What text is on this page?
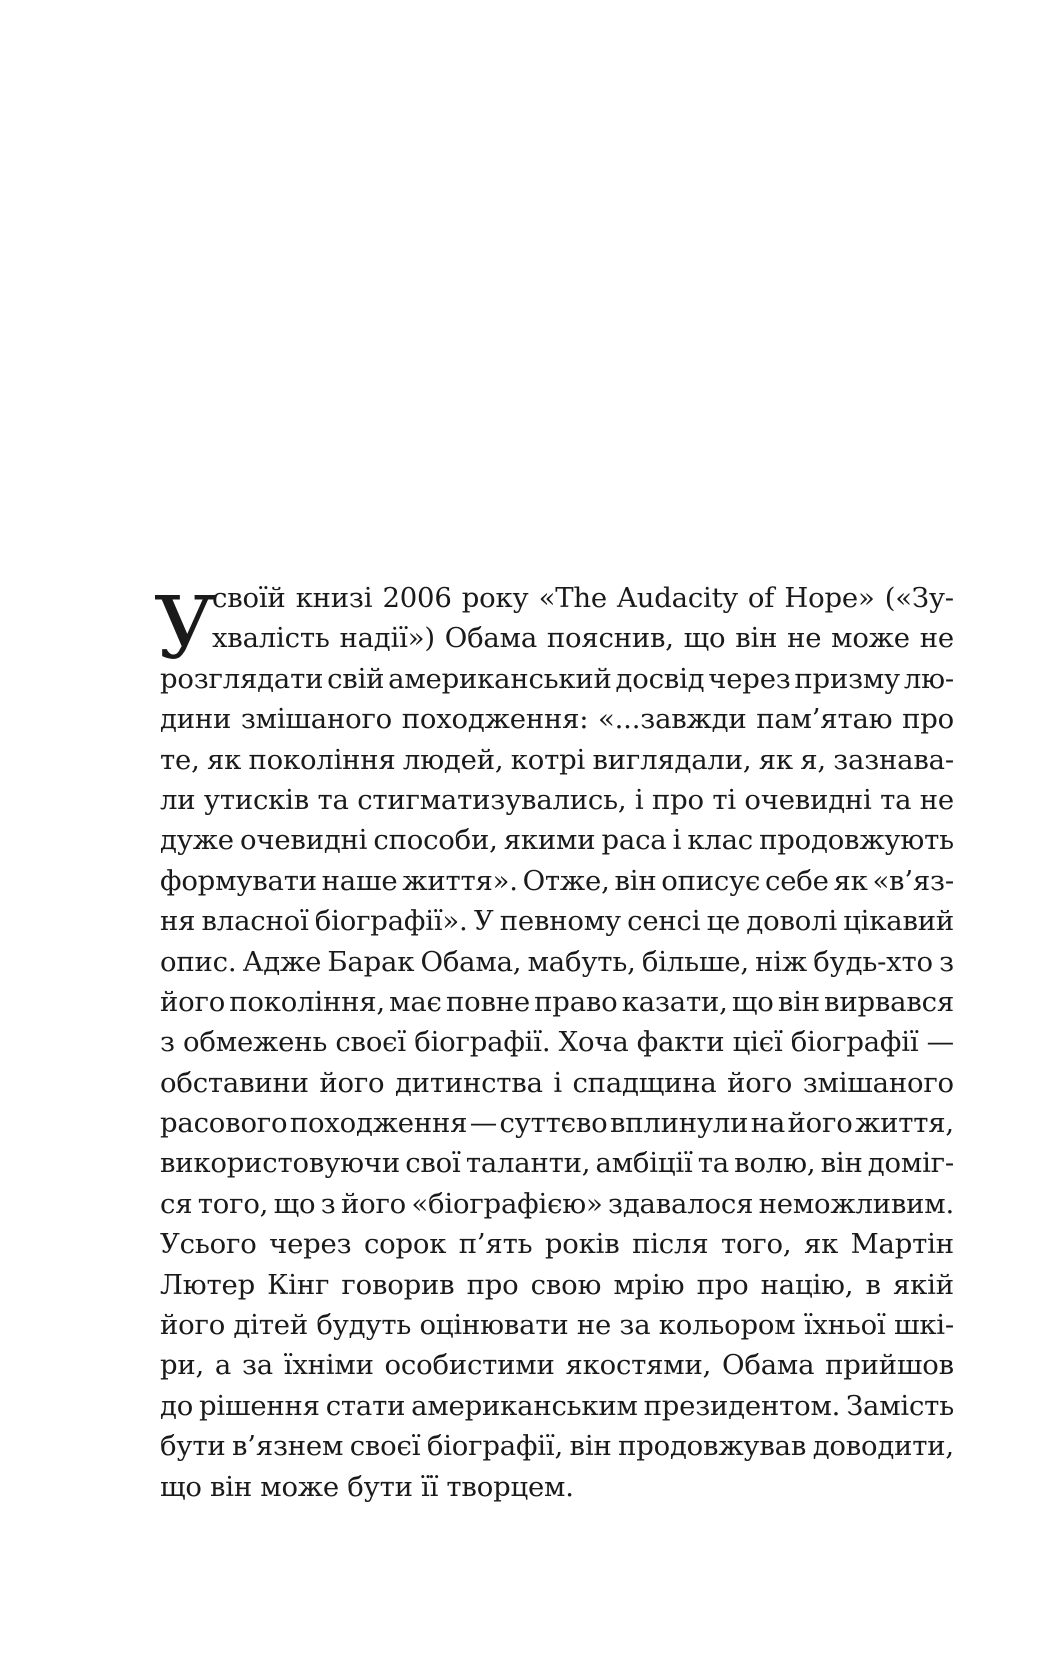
У
своїй книзі 2006 року «The Audacity of Hope» («Зу-
хвалість надії») Обама пояснив, що він не може не
розглядати свій американський досвід через призму лю-
дини змішаного походження: «...завжди пам’ятаю про
те, як покоління людей, котрі виглядали, як я, зазнава-
ли утисків та стигматизувались, і про ті очевидні та не
дуже очевидні способи, якими раса і клас продовжують
формувати наше життя». Отже, він описує себе як «в’яз-
ня власної біографії». У певному сенсі це доволі цікавий
опис. Адже Барак Обама, мабуть, більше, ніж будь-хто з
його покоління, має повне право казати, що він вирвався
з обмежень своєї біографії. Хоча факти цієї біографії —
обставини його дитинства і спадщина його змішаного
расового походження — суттєво вплинули на його життя,
використовуючи свої таланти, амбіції та волю, він доміг-
ся того, що з його «біографією» здавалося неможливим.
Усього через сорок п’ять років після того, як Мартін
Лютер Кінг говорив про свою мрію про націю, в якій
його дітей будуть оцінювати не за кольором їхньої шкі-
ри, а за їхніми особистими якостями, Обама прийшов
до рішення стати американським президентом. Замість
бути в’язнем своєї біографії, він продовжував доводити,
що він може бути її творцем.
